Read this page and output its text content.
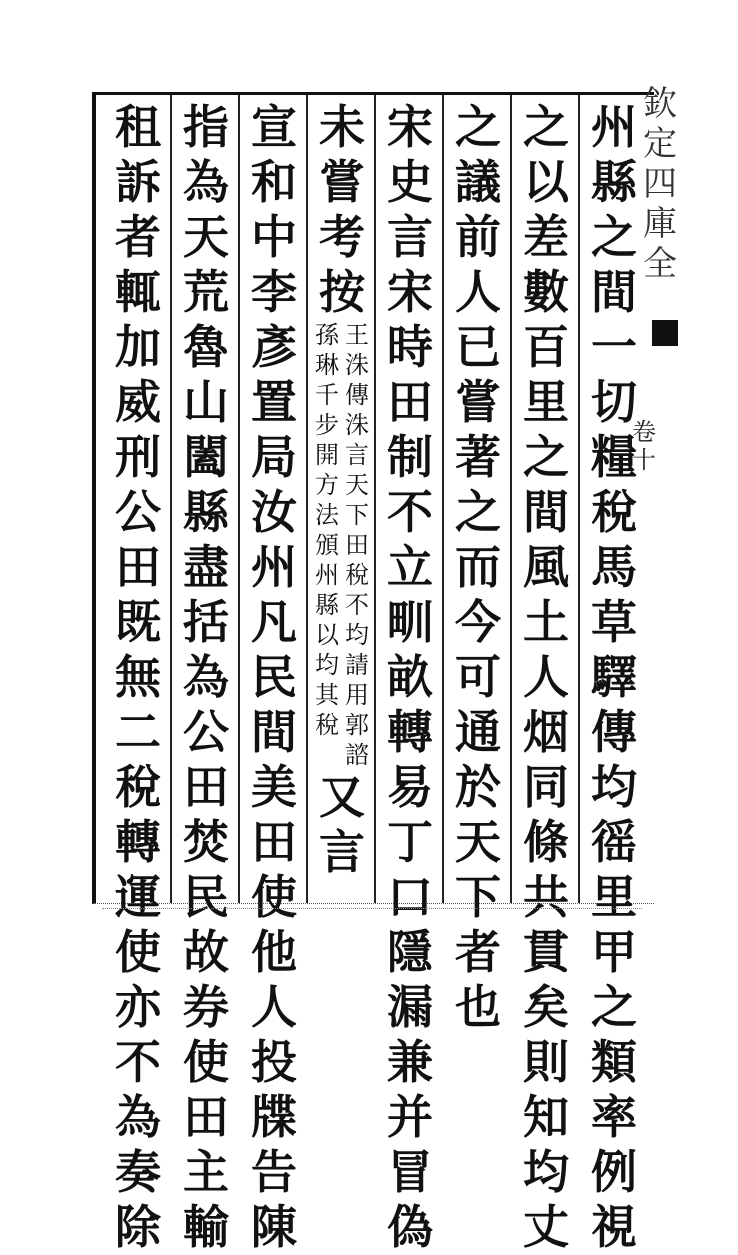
州
縣
之
間
一
切
糧
稅
馬
草
驛
傳
均
徭
里
甲
之
類
率
例
視
之
以
差
數
百
里
之
間
風
土
人
烟
同
條
共
貫
矣
則
知
均
丈
之
議
前
人
已
嘗
著
之
而
今
可
通
於
天
下
者
也
宋
史
言
宋
時
田
制
不
立
甽
畝
轉
易
丁
口
隱
漏
兼
并
冒
偽
未
嘗
考
按
王
洙
傳
洙
言
天
下
田
稅
不
均
請
用
郭
諮
孫
琳
千
步
開
方
法
頒
州
縣
以
均
其
稅
又
言
宣
和
中
李
彥
置
局
汝
州
凡
民
間
美
田
使
他
人
投
牒
告
陳
指
為
天
荒
魯
山
闔
縣
盡
括
為
公
田
焚
民
故
券
使
田
主
輸
租
訴
者
輒
加
威
刑
公
田
既
無
二
稅
轉
運
使
亦
不
為
奏
除
欽
定
四
庫
全
卷
十
